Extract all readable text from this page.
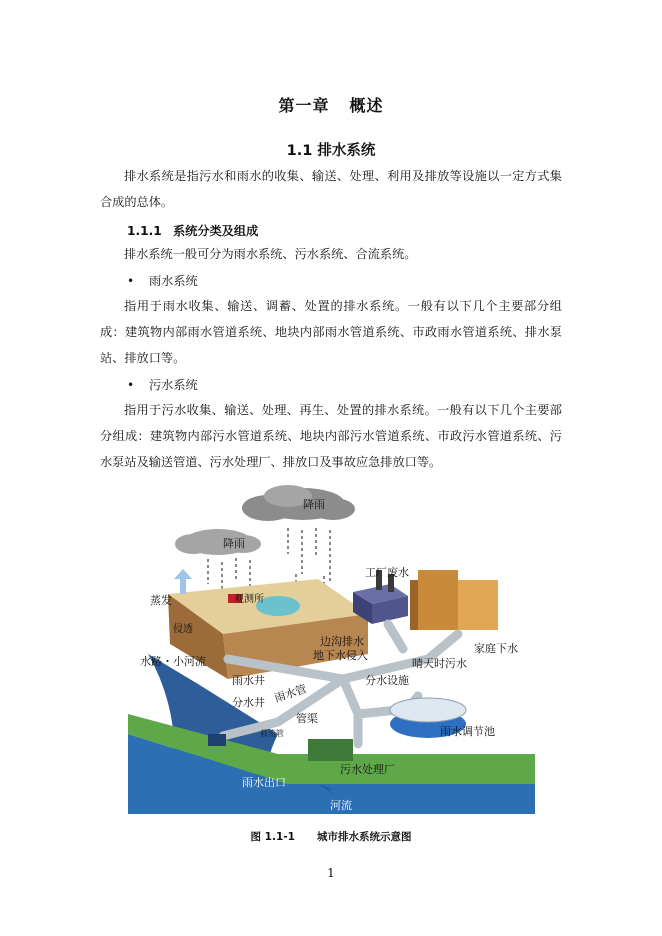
第一章 概述
1.1 排水系统
排水系统是指污水和雨水的收集、输送、处理、利用及排放等设施以一定方式集合成的总体。
1.1.1 系统分类及组成
排水系统一般可分为雨水系统、污水系统、合流系统。
• 雨水系统
指用于雨水收集、输送、调蓄、处置的排水系统。一般有以下几个主要部分组成：建筑物内部雨水管道系统、地块内部雨水管道系统、市政雨水管道系统、排水泵站、排放口等。
• 污水系统
指用于污水收集、输送、处理、再生、处置的排水系统。一般有以下几个主要部分组成：建筑物内部污水管道系统、地块内部污水管道系统、市政污水管道系统、污水泵站及输送管道、污水处理厂、排放口及事故应急排放口等。
降雨
降雨
蒸发	观测所
侵透
水路・小河流
工厂废水
边沟排水
地下水侵入
家庭下水
晴天时污水
雨水井
雨水管
分水设施
分水井
管渠
截流管	雨水调节池
污水处理厂
雨水出口
河流
图 1.1-1 城市排水系统示意图
1
